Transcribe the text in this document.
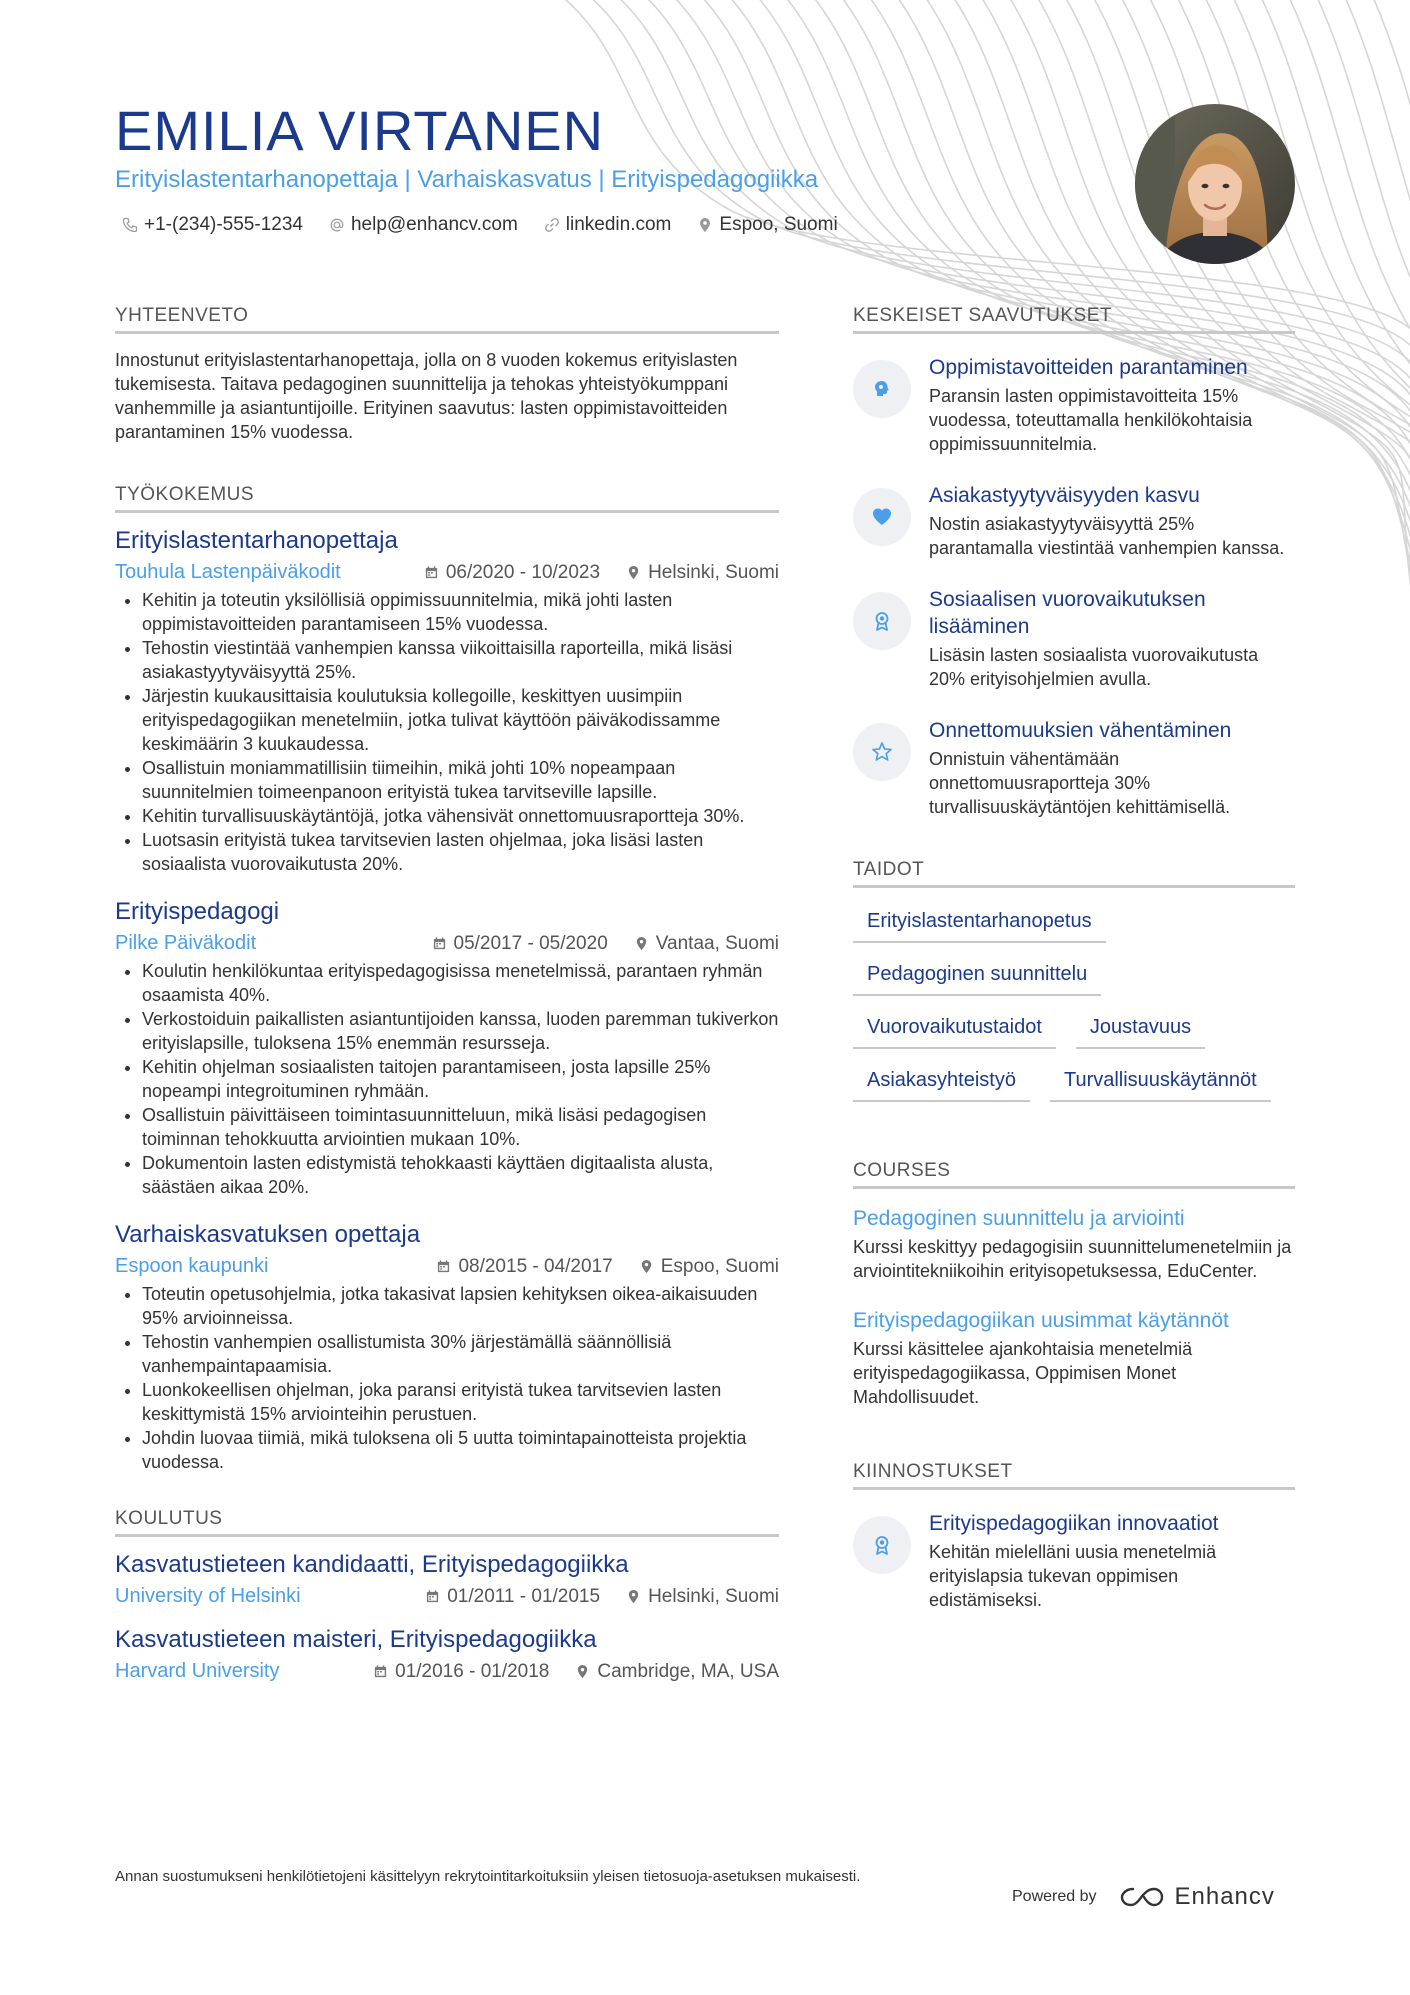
EMILIA VIRTANEN
Erityislastentarhanopettaja | Varhaiskasvatus | Erityispedagogiikka
+1-(234)-555-1234	help@enhancv.com	linkedin.com	Espoo, Suomi
YHTEENVETO

Innostunut erityislastentarhanopettaja, jolla on 8 vuoden kokemus erityislasten tukemisesta. Taitava pedagoginen suunnittelija ja tehokas yhteistyökumppani vanhemmille ja asiantuntijoille. Erityinen saavutus: lasten oppimistavoitteiden parantaminen 15% vuodessa.

TYÖKOKEMUS
Erityislastentarhanopettaja
Touhula Lastenpäiväkodit	06/2020 - 10/2023	Helsinki, Suomi
• Kehitin ja toteutin yksilöllisiä oppimissuunnitelmia, mikä johti lasten oppimistavoitteiden parantamiseen 15% vuodessa.
• Tehostin viestintää vanhempien kanssa viikoittaisilla raporteilla, mikä lisäsi asiakastyytyväisyyttä 25%.
• Järjestin kuukausittaisia koulutuksia kollegoille, keskittyen uusimpiin erityispedagogiikan menetelmiin, jotka tulivat käyttöön päiväkodissamme keskimäärin 3 kuukaudessa.
• Osallistuin moniammatillisiin tiimeihin, mikä johti 10% nopeampaan suunnitelmien toimeenpanoon erityistä tukea tarvitseville lapsille.
• Kehitin turvallisuuskäytäntöjä, jotka vähensivät onnettomuusraportteja 30%.
• Luotsasin erityistä tukea tarvitsevien lasten ohjelmaa, joka lisäsi lasten sosiaalista vuorovaikutusta 20%.
Erityispedagogi
Pilke Päiväkodit	05/2017 - 05/2020	Vantaa, Suomi
• Koulutin henkilökuntaa erityispedagogisissa menetelmissä, parantaen ryhmän osaamista 40%.
• Verkostoiduin paikallisten asiantuntijoiden kanssa, luoden paremman tukiverkon erityislapsille, tuloksena 15% enemmän resursseja.
• Kehitin ohjelman sosiaalisten taitojen parantamiseen, josta lapsille 25% nopeampi integroituminen ryhmään.
• Osallistuin päivittäiseen toimintasuunnitteluun, mikä lisäsi pedagogisen toiminnan tehokkuutta arviointien mukaan 10%.
• Dokumentoin lasten edistymistä tehokkaasti käyttäen digitaalista alusta, säästäen aikaa 20%.
Varhaiskasvatuksen opettaja
Espoon kaupunki	08/2015 - 04/2017	Espoo, Suomi
• Toteutin opetusohjelmia, jotka takasivat lapsien kehityksen oikea-aikaisuuden 95% arvioinneissa.
• Tehostin vanhempien osallistumista 30% järjestämällä säännöllisiä vanhempaintapaamisia.
• Luonkokeellisen ohjelman, joka paransi erityistä tukea tarvitsevien lasten keskittymistä 15% arviointeihin perustuen.
• Johdin luovaa tiimiä, mikä tuloksena oli 5 uutta toimintapainotteista projektia vuodessa.
KOULUTUS
Kasvatustieteen kandidaatti, Erityispedagogiikka
University of Helsinki	01/2011 - 01/2015	Helsinki, Suomi
Kasvatustieteen maisteri, Erityispedagogiikka
Harvard University	01/2016 - 01/2018	Cambridge, MA, USA
KESKEISET SAAVUTUKSET
Oppimistavoitteiden parantaminen
Paransin lasten oppimistavoitteita 15% vuodessa, toteuttamalla henkilökohtaisia oppimissuunnitelmia.
Asiakastyytyväisyyden kasvu
Nostin asiakastyytyväisyyttä 25% parantamalla viestintää vanhempien kanssa.
Sosiaalisen vuorovaikutuksen lisääminen
Lisäsin lasten sosiaalista vuorovaikutusta 20% erityisohjelmien avulla.
Onnettomuuksien vähentäminen
Onnistuin vähentämään onnettomuusraportteja 30% turvallisuuskäytäntöjen kehittämisellä.
TAIDOT
Erityislastentarhanopetus
Pedagoginen suunnittelu
Vuorovaikutustaidot	Joustavuus
Asiakasyhteistyö	Turvallisuuskäytännöt
COURSES
Pedagoginen suunnittelu ja arviointi
Kurssi keskittyy pedagogisiin suunnittelumenetelmiin ja arviointitekniikoihin erityisopetuksessa, EduCenter.
Erityispedagogiikan uusimmat käytännöt
Kurssi käsittelee ajankohtaisia menetelmiä erityispedagogiikassa, Oppimisen Monet Mahdollisuudet.
KIINNOSTUKSET
Erityispedagogiikan innovaatiot
Kehitän mielelläni uusia menetelmiä erityislapsia tukevan oppimisen edistämiseksi.
Annan suostumukseni henkilötietojeni käsittelyyn rekrytointitarkoituksiin yleisen tietosuoja-asetuksen mukaisesti.
Powered by	Enhancv
